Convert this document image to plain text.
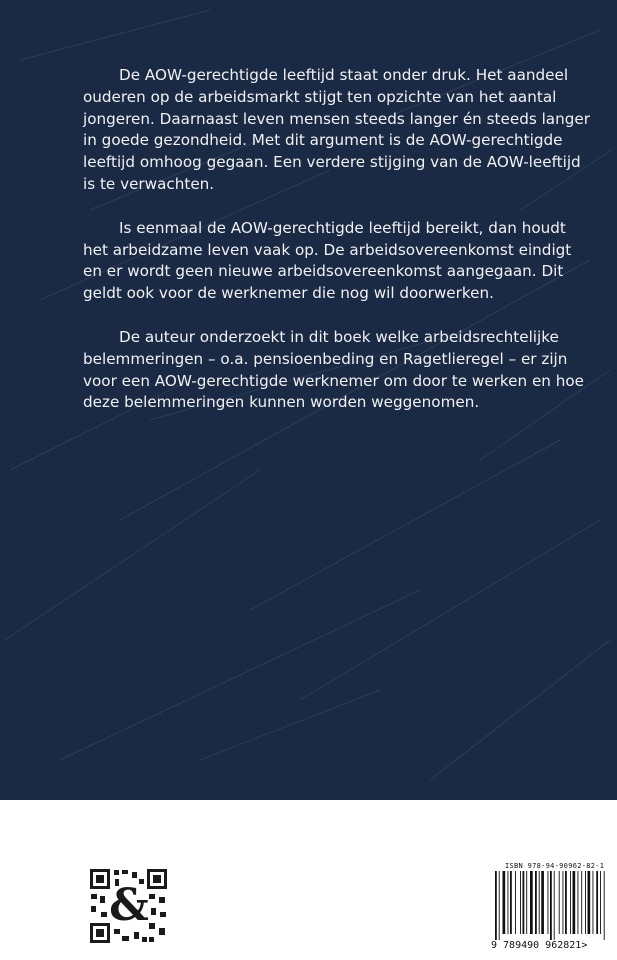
De AOW-gerechtigde leeftijd staat onder druk. Het aandeel ouderen op de arbeidsmarkt stijgt ten opzichte van het aantal jongeren. Daarnaast leven mensen steeds langer én steeds langer in goede gezondheid. Met dit argument is de AOW-gerechtigde leeftijd omhoog gegaan. Een verdere stijging van de AOW-leeftijd is te verwachten.

Is eenmaal de AOW-gerechtigde leeftijd bereikt, dan houdt het arbeidzame leven vaak op. De arbeidsovereenkomst eindigt en er wordt geen nieuwe arbeidsovereenkomst aangegaan. Dit geldt ook voor de werknemer die nog wil doorwerken.

De auteur onderzoekt in dit boek welke arbeidsrechtelijke belemmeringen – o.a. pensioenbeding en Ragetlieregel – er zijn voor een AOW-gerechtigde werknemer om door te werken en hoe deze belemmeringen kunnen worden weggenomen.

&
ISBN 978-94-90962-82-1
9 789490 962821>
